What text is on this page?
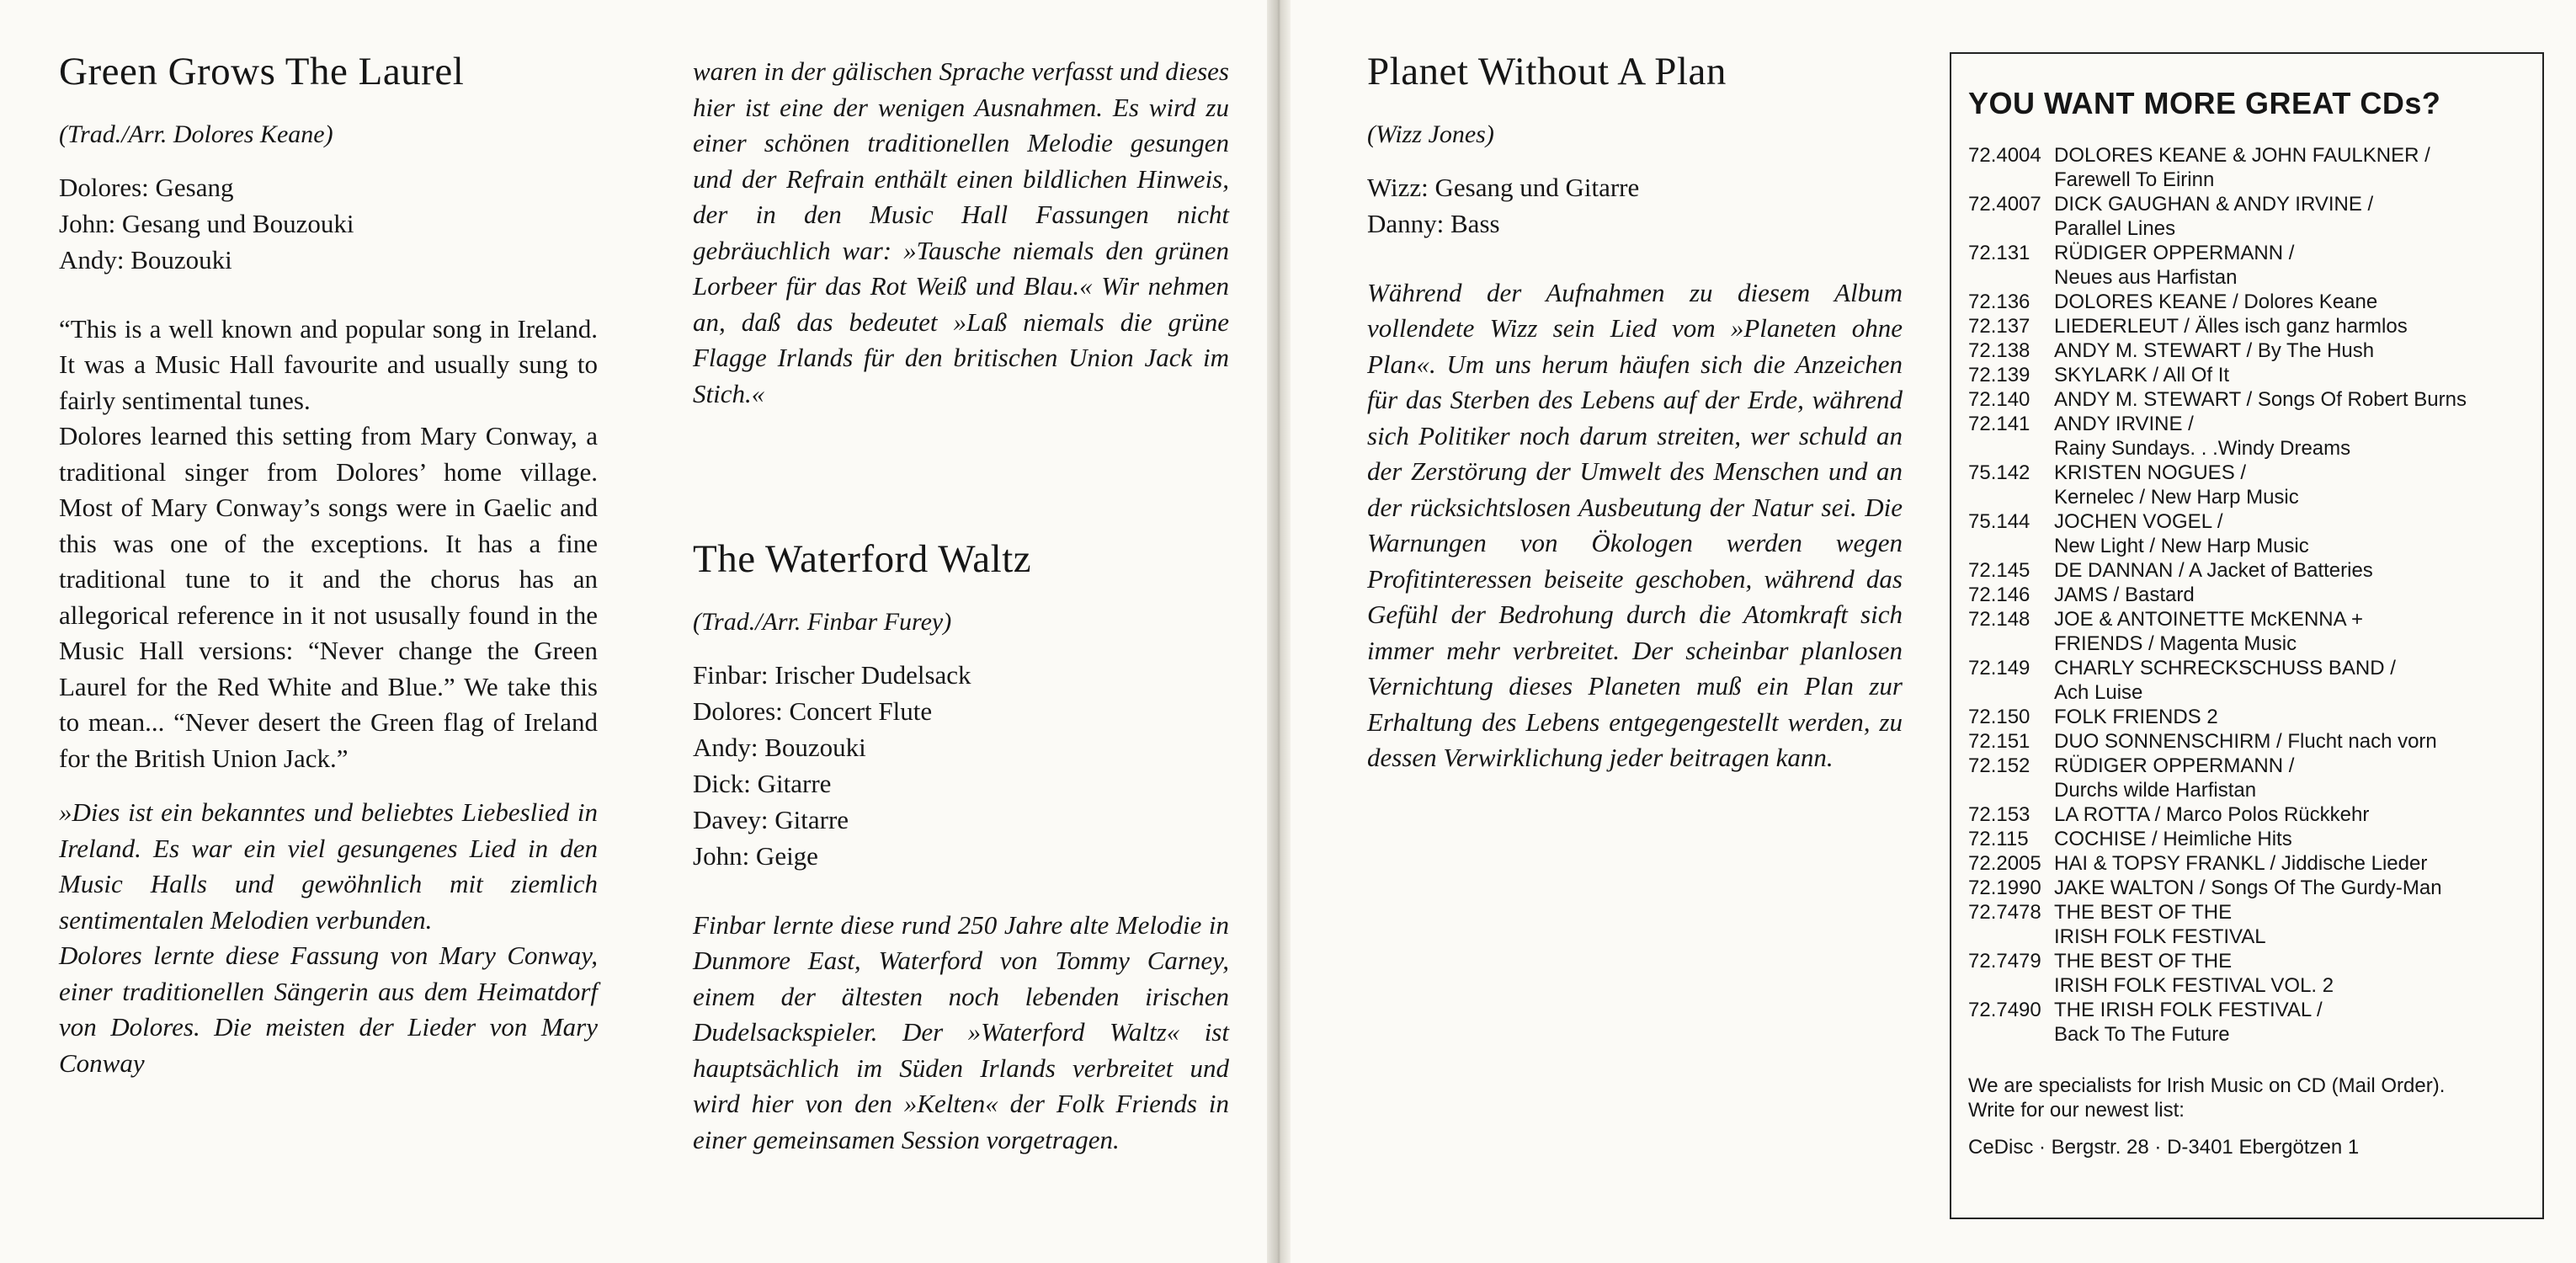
Green Grows The Laurel
(Trad./Arr. Dolores Keane)
Dolores: Gesang
John: Gesang und Bouzouki
Andy: Bouzouki

“This is a well known and popular song in Ireland. It was a Music Hall favourite and usually sung to fairly sentimental tunes.

Dolores learned this setting from Mary Conway, a traditional singer from Dolores’ home village. Most of Mary Conway’s songs were in Gaelic and this was one of the exceptions. It has a fine traditional tune to it and the chorus has an allegorical reference in it not ususally found in the Music Hall versions: “Never change the Green Laurel for the Red White and Blue.” We take this to mean... “Never desert the Green flag of Ireland for the British Union Jack.”

»Dies ist ein bekanntes und beliebtes Liebeslied in Ireland. Es war ein viel gesungenes Lied in den Music Halls und gewöhnlich mit ziemlich sentimentalen Melodien verbunden.

Dolores lernte diese Fassung von Mary Conway, einer traditionellen Sängerin aus dem Heimatdorf von Dolores. Die meisten der Lieder von Mary Conway

waren in der gälischen Sprache verfasst und dieses hier ist eine der wenigen Ausnahmen. Es wird zu einer schönen traditionellen Melodie gesungen und der Refrain enthält einen bildlichen Hinweis, der in den Music Hall Fassungen nicht gebräuchlich war: »Tausche niemals den grünen Lorbeer für das Rot Weiß und Blau.« Wir nehmen an, daß das bedeutet »Laß niemals die grüne Flagge Irlands für den britischen Union Jack im Stich.«

The Waterford Waltz
(Trad./Arr. Finbar Furey)
Finbar: Irischer Dudelsack
Dolores: Concert Flute
Andy: Bouzouki
Dick: Gitarre
Davey: Gitarre
John: Geige

Finbar lernte diese rund 250 Jahre alte Melodie in Dunmore East, Waterford von Tommy Carney, einem der ältesten noch lebenden irischen Dudelsackspieler. Der »Waterford Waltz« ist hauptsächlich im Süden Irlands verbreitet und wird hier von den »Kelten« der Folk Friends in einer gemeinsamen Session vorgetragen.

Planet Without A Plan
(Wizz Jones)
Wizz: Gesang und Gitarre
Danny: Bass

Während der Aufnahmen zu diesem Album vollendete Wizz sein Lied vom »Planeten ohne Plan«. Um uns herum häufen sich die Anzeichen für das Sterben des Lebens auf der Erde, während sich Politiker noch darum streiten, wer schuld an der Zerstörung der Umwelt des Menschen und an der rücksichtslosen Ausbeutung der Natur sei. Die Warnungen von Ökologen werden wegen Profitinteressen beiseite geschoben, während das Gefühl der Bedrohung durch die Atomkraft sich immer mehr verbreitet. Der scheinbar planlosen Vernichtung dieses Planeten muß ein Plan zur Erhaltung des Lebens entgegengestellt werden, zu dessen Verwirklichung jeder beitragen kann.

YOU WANT MORE GREAT CDs?
72.4004 DOLORES KEANE & JOHN FAULKNER /
Farewell To Eirinn
72.4007 DICK GAUGHAN & ANDY IRVINE /
Parallel Lines
72.131	RÜDIGER OPPERMANN /
Neues aus Harfistan
72.136	DOLORES KEANE / Dolores Keane
72.137	LIEDERLEUT / Älles isch ganz harmlos
72.138	ANDY M. STEWART / By The Hush
72.139	SKYLARK / All Of It
72.140	ANDY M. STEWART / Songs Of Robert Burns
72.141	ANDY IRVINE /
Rainy Sundays. . .Windy Dreams
75.142	KRISTEN NOGUES /
Kernelec / New Harp Music
75.144	JOCHEN VOGEL /
New Light / New Harp Music
72.145	DE DANNAN / A Jacket of Batteries
72.146	JAMS / Bastard
72.148	JOE & ANTOINETTE McKENNA +
FRIENDS / Magenta Music
72.149	CHARLY SCHRECKSCHUSS BAND /
Ach Luise
72.150	FOLK FRIENDS 2
72.151	DUO SONNENSCHIRM / Flucht nach vorn
72.152	RÜDIGER OPPERMANN /
Durchs wilde Harfistan
72.153	LA ROTTA / Marco Polos Rückkehr
72.115	COCHISE / Heimliche Hits
72.2005 HAI & TOPSY FRANKL / Jiddische Lieder
72.1990 JAKE WALTON / Songs Of The Gurdy-Man
72.7478 THE BEST OF THE
IRISH FOLK FESTIVAL
72.7479 THE BEST OF THE
IRISH FOLK FESTIVAL VOL. 2
72.7490 THE IRISH FOLK FESTIVAL /
Back To The Future
We are specialists for Irish Music on CD (Mail Order).
Write for our newest list:
CeDisc · Bergstr. 28 · D-3401 Ebergötzen 1
